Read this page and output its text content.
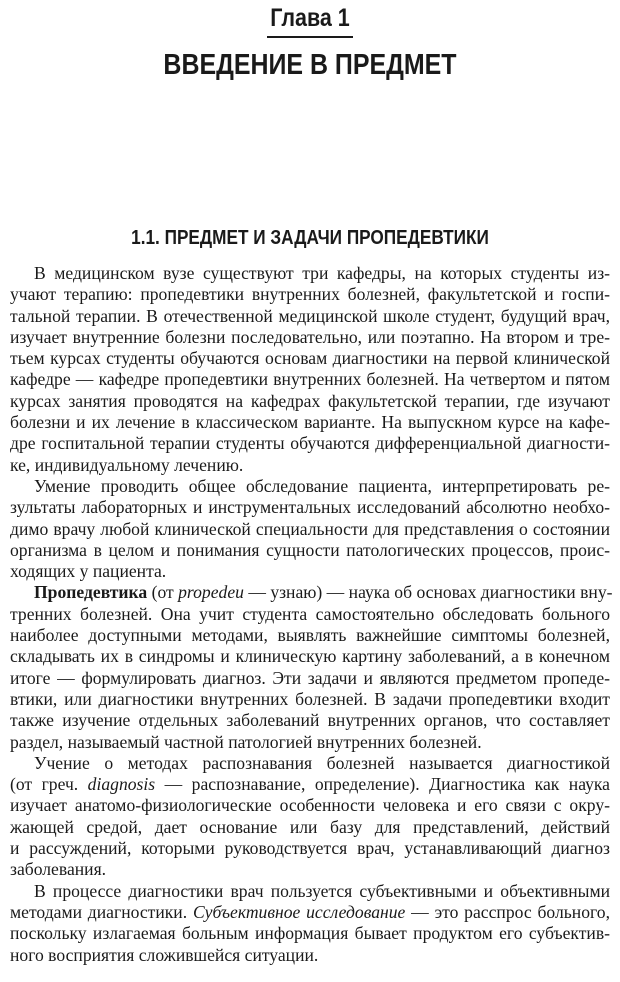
Глава 1
ВВЕДЕНИЕ В ПРЕДМЕТ
1.1. ПРЕДМЕТ И ЗАДАЧИ ПРОПЕДЕВТИКИ
В медицинском вузе существуют три кафедры, на которых студенты из-
учают терапию: пропедевтики внутренних болезней, факультетской и госпи-
тальной терапии. В отечественной медицинской школе студент, будущий врач,
изучает внутренние болезни последовательно, или поэтапно. На втором и тре-
тьем курсах студенты обучаются основам диагностики на первой клинической
кафедре — кафедре пропедевтики внутренних болезней. На четвертом и пятом
курсах занятия проводятся на кафедрах факультетской терапии, где изучают
болезни и их лечение в классическом варианте. На выпускном курсе на кафе-
дре госпитальной терапии студенты обучаются дифференциальной диагности-
ке, индивидуальному лечению.
Умение проводить общее обследование пациента, интерпретировать ре-
зультаты лабораторных и инструментальных исследований абсолютно необхо-
димо врачу любой клинической специальности для представления о состоянии
организма в целом и понимания сущности патологических процессов, проис-
ходящих у пациента.
Пропедевтика (от propedeu — узнаю) — наука об основах диагностики вну-
тренних болезней. Она учит студента самостоятельно обследовать больного
наиболее доступными методами, выявлять важнейшие симптомы болезней,
складывать их в синдромы и клиническую картину заболеваний, а в конечном
итоге — формулировать диагноз. Эти задачи и являются предметом пропеде-
втики, или диагностики внутренних болезней. В задачи пропедевтики входит
также изучение отдельных заболеваний внутренних органов, что составляет
раздел, называемый частной патологией внутренних болезней.
Учение о методах распознавания болезней называется диагностикой
(от греч. diagnosis — распознавание, определение). Диагностика как наука
изучает анатомо-физиологические особенности человека и его связи с окру-
жающей средой, дает основание или базу для представлений, действий
и рассуждений, которыми руководствуется врач, устанавливающий диагноз
заболевания.
В процессе диагностики врач пользуется субъективными и объективными
методами диагностики. Субъективное исследование — это расспрос больного,
поскольку излагаемая больным информация бывает продуктом его субъектив-
ного восприятия сложившейся ситуации.
